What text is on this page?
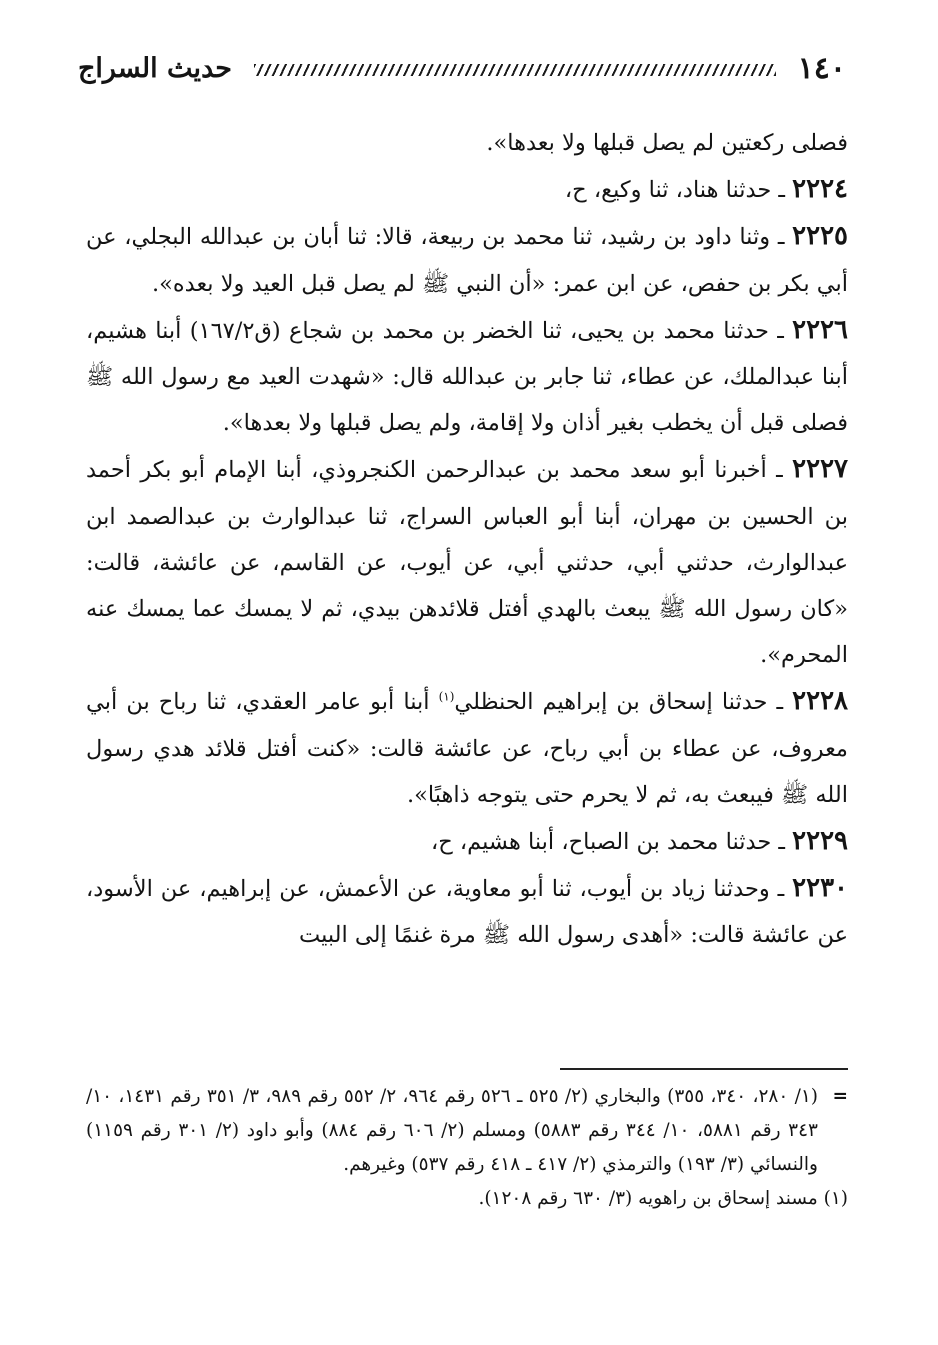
١٤٠
حديث السراج

فصلى ركعتين لم يصل قبلها ولا بعدها».

٢٢٢٤ ـ حدثنا هناد، ثنا وكيع، ح،

٢٢٢٥ ـ وثنا داود بن رشيد، ثنا محمد بن ربيعة، قالا: ثنا أبان بن عبدالله البجلي، عن أبي بكر بن حفص، عن ابن عمر: «أن النبي ﷺ لم يصل قبل العيد ولا بعده».

٢٢٢٦ ـ حدثنا محمد بن يحيى، ثنا الخضر بن محمد بن شجاع (ق١٦٧/٢) أبنا هشيم، أبنا عبدالملك، عن عطاء، ثنا جابر بن عبدالله قال: «شهدت العيد مع رسول الله ﷺ فصلى قبل أن يخطب بغير أذان ولا إقامة، ولم يصل قبلها ولا بعدها».

٢٢٢٧ ـ أخبرنا أبو سعد محمد بن عبدالرحمن الكنجروذي، أبنا الإمام أبو بكر أحمد بن الحسين بن مهران، أبنا أبو العباس السراج، ثنا عبدالوارث بن عبدالصمد ابن عبدالوارث، حدثني أبي، حدثني أبي، عن أيوب، عن القاسم، عن عائشة، قالت: «كان رسول الله ﷺ يبعث بالهدي أفتل قلائدهن بيدي، ثم لا يمسك عما يمسك عنه المحرم».

٢٢٢٨ ـ حدثنا إسحاق بن إبراهيم الحنظلي$^{(١)}$ أبنا أبو عامر العقدي، ثنا رباح بن أبي معروف، عن عطاء بن أبي رباح، عن عائشة قالت: «كنت أفتل قلائد هدي رسول الله ﷺ فيبعث به، ثم لا يحرم حتى يتوجه ذاهبًا».

٢٢٢٩ ـ حدثنا محمد بن الصباح، أبنا هشيم، ح،

٢٢٣٠ ـ وحدثنا زياد بن أيوب، ثنا أبو معاوية، عن الأعمش، عن إبراهيم، عن الأسود، عن عائشة قالت: «أهدى رسول الله ﷺ مرة غنمًا إلى البيت

=
(١/ ٢٨٠، ٣٤٠، ٣٥٥) والبخاري (٢/ ٥٢٥ ـ ٥٢٦ رقم ٩٦٤، ٢/ ٥٥٢ رقم ٩٨٩، ٣/ ٣٥١ رقم ١٤٣١، ١٠/ ٣٤٣ رقم ٥٨٨١، ١٠/ ٣٤٤ رقم ٥٨٨٣) ومسلم (٢/ ٦٠٦ رقم ٨٨٤) وأبو داود (٢/ ٣٠١ رقم ١١٥٩) والنسائي (٣/ ١٩٣) والترمذي (٢/ ٤١٧ ـ ٤١٨ رقم ٥٣٧) وغيرهم.

(١) مسند إسحاق بن راهويه (٣/ ٦٣٠ رقم ١٢٠٨).
